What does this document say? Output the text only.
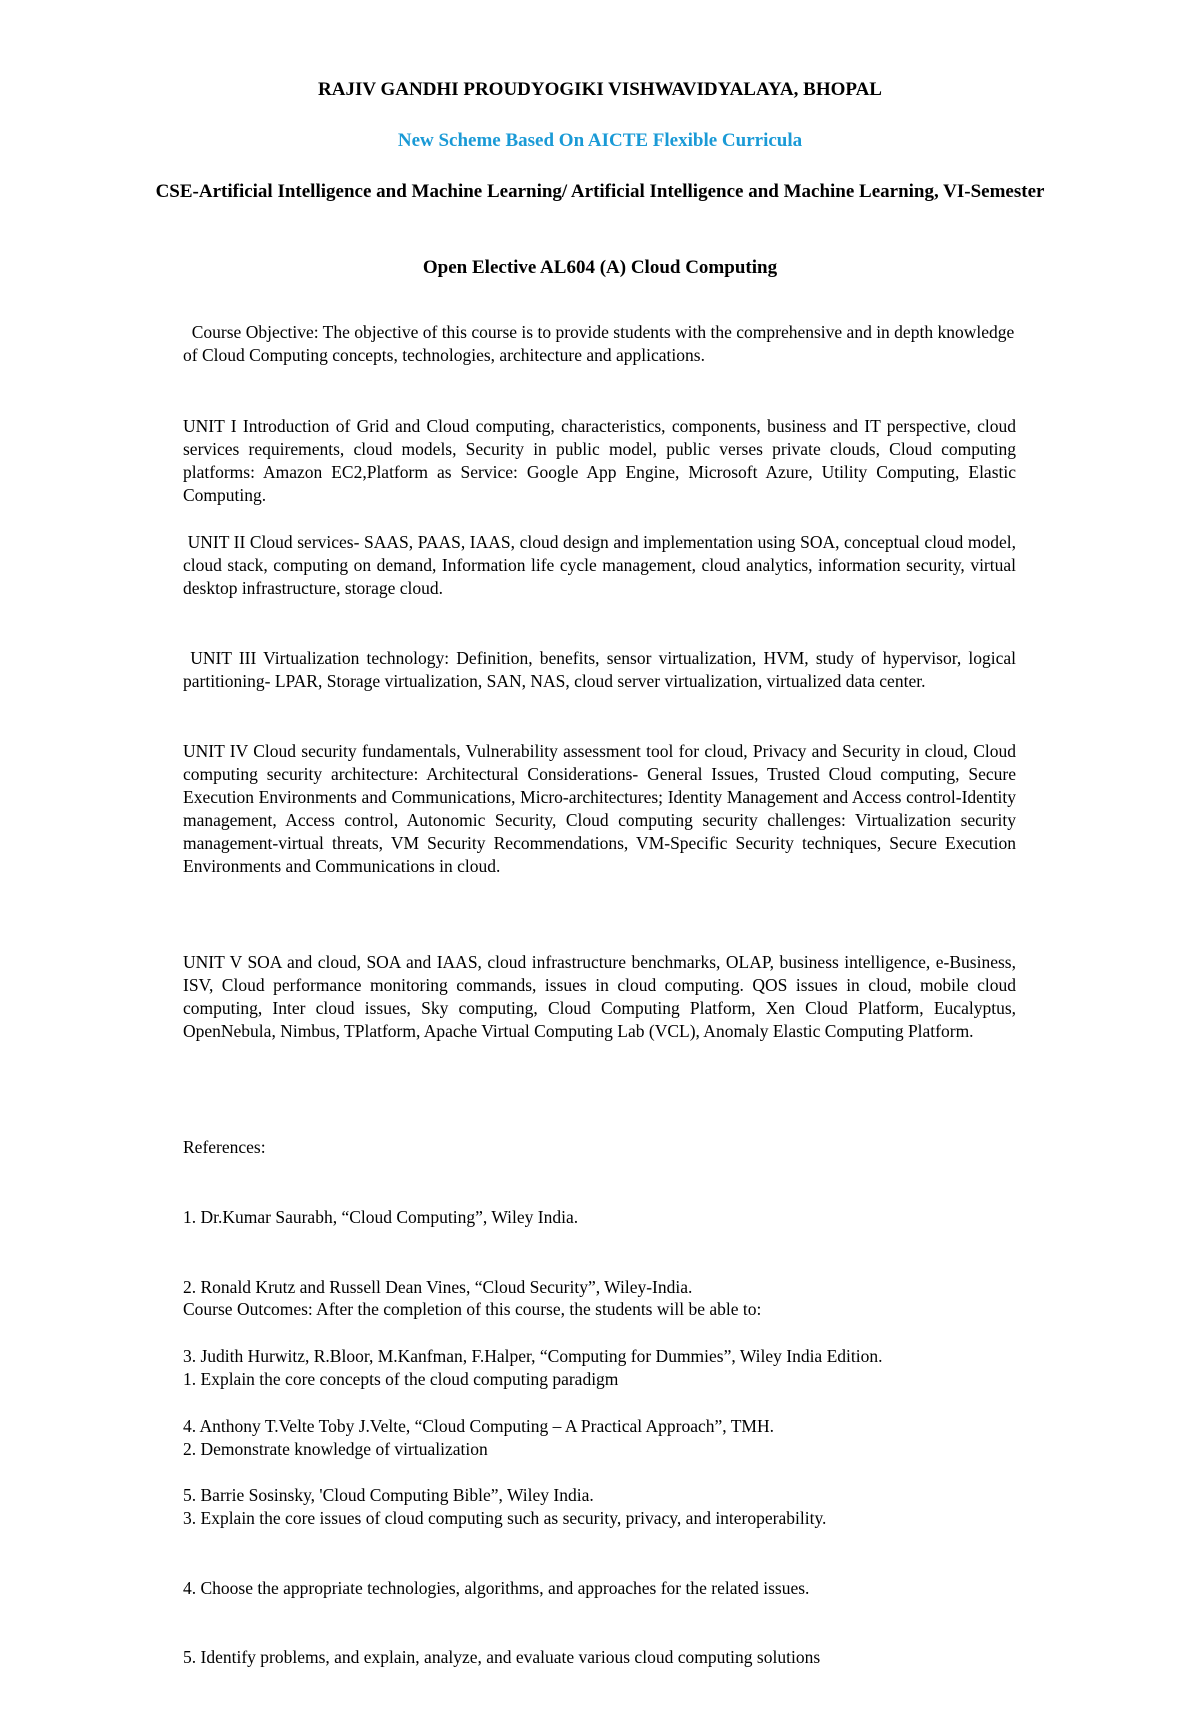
RAJIV GANDHI PROUDYOGIKI VISHWAVIDYALAYA, BHOPAL
New Scheme Based On AICTE Flexible Curricula
CSE-Artificial Intelligence and Machine Learning/ Artificial Intelligence and Machine Learning, VI-Semester
Open Elective AL604 (A) Cloud Computing
Course Objective: The objective of this course is to provide students with the comprehensive and in depth knowledge of Cloud Computing concepts, technologies, architecture and applications.
UNIT I Introduction of Grid and Cloud computing, characteristics, components, business and IT perspective, cloud services requirements, cloud models, Security in public model, public verses private clouds, Cloud computing platforms: Amazon EC2,Platform as Service: Google App Engine, Microsoft Azure, Utility Computing, Elastic Computing.
UNIT II Cloud services- SAAS, PAAS, IAAS, cloud design and implementation using SOA, conceptual cloud model, cloud stack, computing on demand, Information life cycle management, cloud analytics, information security, virtual desktop infrastructure, storage cloud.
UNIT III Virtualization technology: Definition, benefits, sensor virtualization, HVM, study of hypervisor, logical partitioning- LPAR, Storage virtualization, SAN, NAS, cloud server virtualization, virtualized data center.
UNIT IV Cloud security fundamentals, Vulnerability assessment tool for cloud, Privacy and Security in cloud, Cloud computing security architecture: Architectural Considerations- General Issues, Trusted Cloud computing, Secure Execution Environments and Communications, Micro-architectures; Identity Management and Access control-Identity management, Access control, Autonomic Security, Cloud computing security challenges: Virtualization security management-virtual threats, VM Security Recommendations, VM-Specific Security techniques, Secure Execution Environments and Communications in cloud.
UNIT V SOA and cloud, SOA and IAAS, cloud infrastructure benchmarks, OLAP, business intelligence, e-Business, ISV, Cloud performance monitoring commands, issues in cloud computing. QOS issues in cloud, mobile cloud computing, Inter cloud issues, Sky computing, Cloud Computing Platform, Xen Cloud Platform, Eucalyptus, OpenNebula, Nimbus, TPlatform, Apache Virtual Computing Lab (VCL), Anomaly Elastic Computing Platform.

References:

1. Dr.Kumar Saurabh, “Cloud Computing”, Wiley India.

2. Ronald Krutz and Russell Dean Vines, “Cloud Security”, Wiley-India.

3. Judith Hurwitz, R.Bloor, M.Kanfman, F.Halper, “Computing for Dummies”, Wiley India Edition.

4. Anthony T.Velte Toby J.Velte, “Cloud Computing – A Practical Approach”, TMH.

5. Barrie Sosinsky, 'Cloud Computing Bible”, Wiley India.

Course Outcomes: After the completion of this course, the students will be able to:

1. Explain the core concepts of the cloud computing paradigm

2. Demonstrate knowledge of virtualization

3. Explain the core issues of cloud computing such as security, privacy, and interoperability.

4. Choose the appropriate technologies, algorithms, and approaches for the related issues.

5. Identify problems, and explain, analyze, and evaluate various cloud computing solutions
